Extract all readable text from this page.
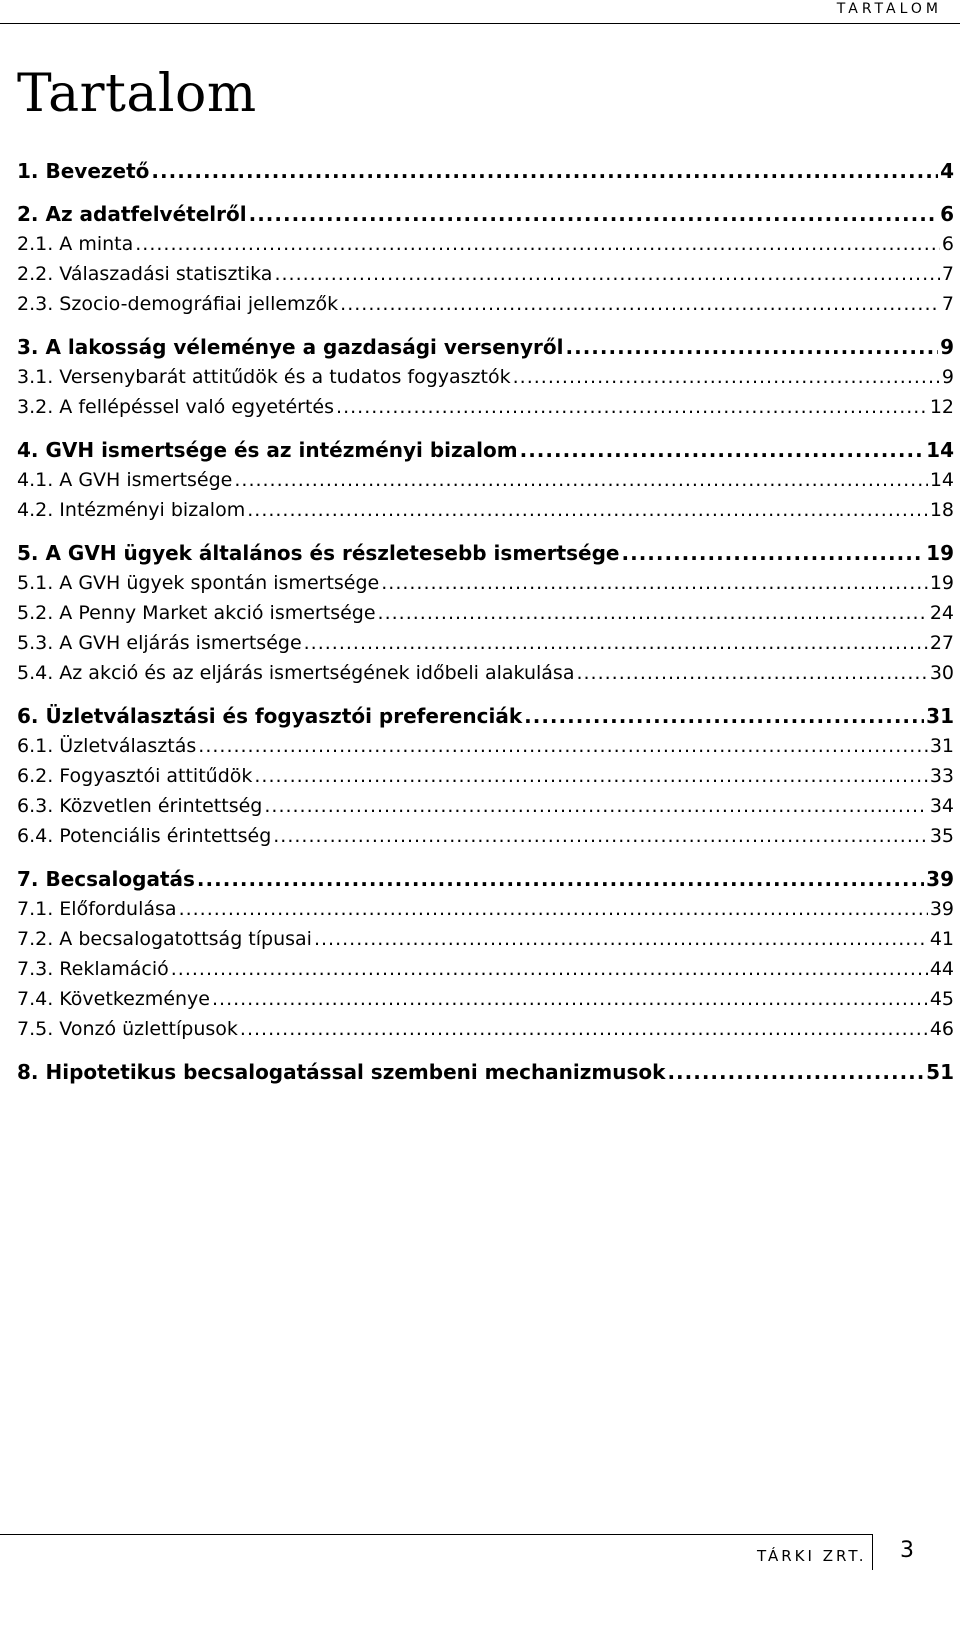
TARTALOM
Tartalom
1. Bevezető .....	4
2. Az adatfelvételről .....	6
2.1. A minta .....	6
2.2. Válaszadási statisztika .....	7
2.3. Szocio-demográfiai jellemzők .....	7
3. A lakosság véleménye a gazdasági versenyről .....	9
3.1. Versenybarát attitűdök és a tudatos fogyasztók .....	9
3.2. A fellépéssel való egyetértés .....	12
4. GVH ismertsége és az intézményi bizalom .....	14
4.1. A GVH ismertsége .....	14
4.2. Intézményi bizalom .....	18
5. A GVH ügyek általános és részletesebb ismertsége .....	19
5.1. A GVH ügyek spontán ismertsége .....	19
5.2. A Penny Market akció ismertsége .....	24
5.3. A GVH eljárás ismertsége .....	27
5.4. Az akció és az eljárás ismertségének időbeli alakulása .....	30
6. Üzletválasztási és fogyasztói preferenciák .....	31
6.1. Üzletválasztás .....	31
6.2. Fogyasztói attitűdök .....	33
6.3. Közvetlen érintettség .....	34
6.4. Potenciális érintettség .....	35
7. Becsalogatás .....	39
7.1. Előfordulása .....	39
7.2. A becsalogatottság típusai .....	41
7.3. Reklamáció .....	44
7.4. Következménye .....	45
7.5. Vonzó üzlettípusok .....	46
8. Hipotetikus becsalogatással szembeni mechanizmusok .....	51
TÁRKI ZRT. 3
